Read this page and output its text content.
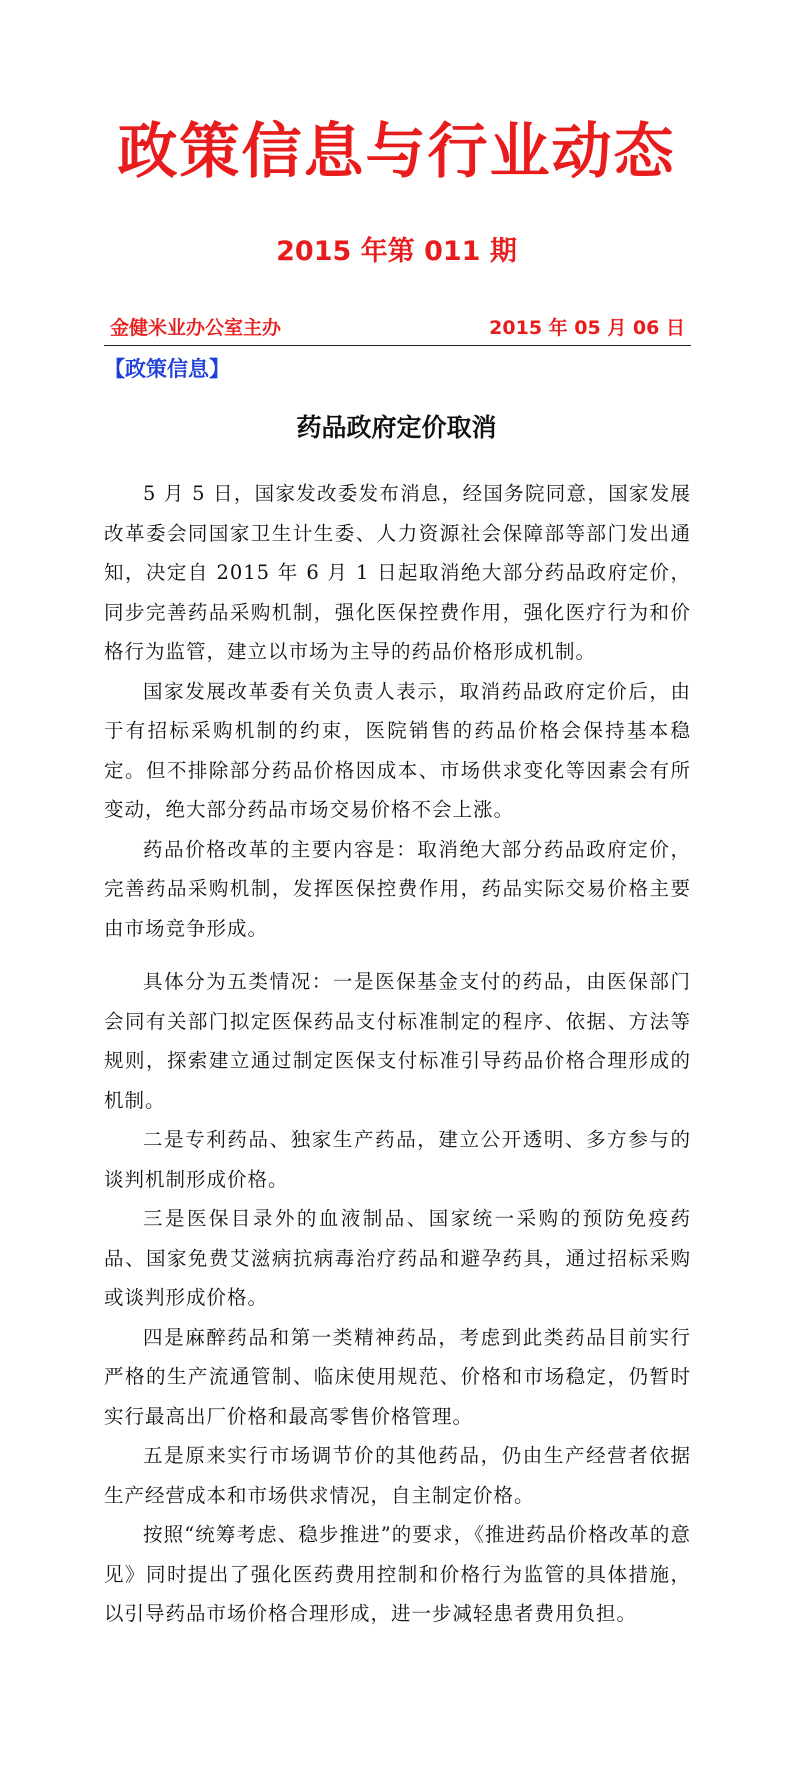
政策信息与行业动态
2015 年第 011 期
金健米业办公室主办	2015 年 05 月 06 日
【政策信息】
药品政府定价取消

5 月 5 日，国家发改委发布消息，经国务院同意，国家发展改革委会同国家卫生计生委、人力资源社会保障部等部门发出通知，决定自 2015 年 6 月 1 日起取消绝大部分药品政府定价，同步完善药品采购机制，强化医保控费作用，强化医疗行为和价格行为监管，建立以市场为主导的药品价格形成机制。

国家发展改革委有关负责人表示，取消药品政府定价后，由于有招标采购机制的约束，医院销售的药品价格会保持基本稳定。但不排除部分药品价格因成本、市场供求变化等因素会有所变动，绝大部分药品市场交易价格不会上涨。

药品价格改革的主要内容是：取消绝大部分药品政府定价，完善药品采购机制，发挥医保控费作用，药品实际交易价格主要由市场竞争形成。

具体分为五类情况：一是医保基金支付的药品，由医保部门会同有关部门拟定医保药品支付标准制定的程序、依据、方法等规则，探索建立通过制定医保支付标准引导药品价格合理形成的机制。

二是专利药品、独家生产药品，建立公开透明、多方参与的谈判机制形成价格。

三是医保目录外的血液制品、国家统一采购的预防免疫药品、国家免费艾滋病抗病毒治疗药品和避孕药具，通过招标采购或谈判形成价格。

四是麻醉药品和第一类精神药品，考虑到此类药品目前实行严格的生产流通管制、临床使用规范、价格和市场稳定，仍暂时实行最高出厂价格和最高零售价格管理。

五是原来实行市场调节价的其他药品，仍由生产经营者依据生产经营成本和市场供求情况，自主制定价格。

按照“统筹考虑、稳步推进”的要求，《推进药品价格改革的意见》同时提出了强化医药费用控制和价格行为监管的具体措施，以引导药品市场价格合理形成，进一步减轻患者费用负担。
